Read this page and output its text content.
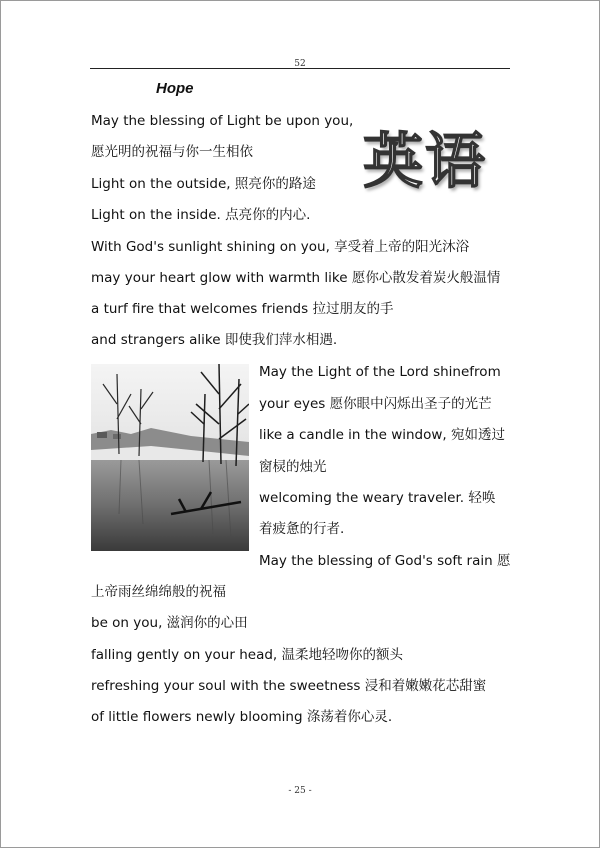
52
Hope
英语
May the blessing of Light be upon you,
愿光明的祝福与你一生相依
Light on the outside, 照亮你的路途
Light on the inside. 点亮你的内心.
With God's sunlight shining on you, 享受着上帝的阳光沐浴
may your heart glow with warmth like 愿你心散发着炭火般温情
a turf fire that welcomes friends 拉过朋友的手
and strangers alike 即使我们萍水相遇.
May the Light of the Lord shinefrom
your eyes 愿你眼中闪烁出圣子的光芒
like a candle in the window, 宛如透过
窗棂的烛光
welcoming the weary traveler. 轻唤
着疲惫的行者.
May the blessing of God's soft rain 愿
上帝雨丝绵绵般的祝福
be on you, 滋润你的心田
falling gently on your head, 温柔地轻吻你的额头
refreshing your soul with the sweetness 浸和着嫩嫩花芯甜蜜
of little flowers newly blooming 涤荡着你心灵.
- 25 -
